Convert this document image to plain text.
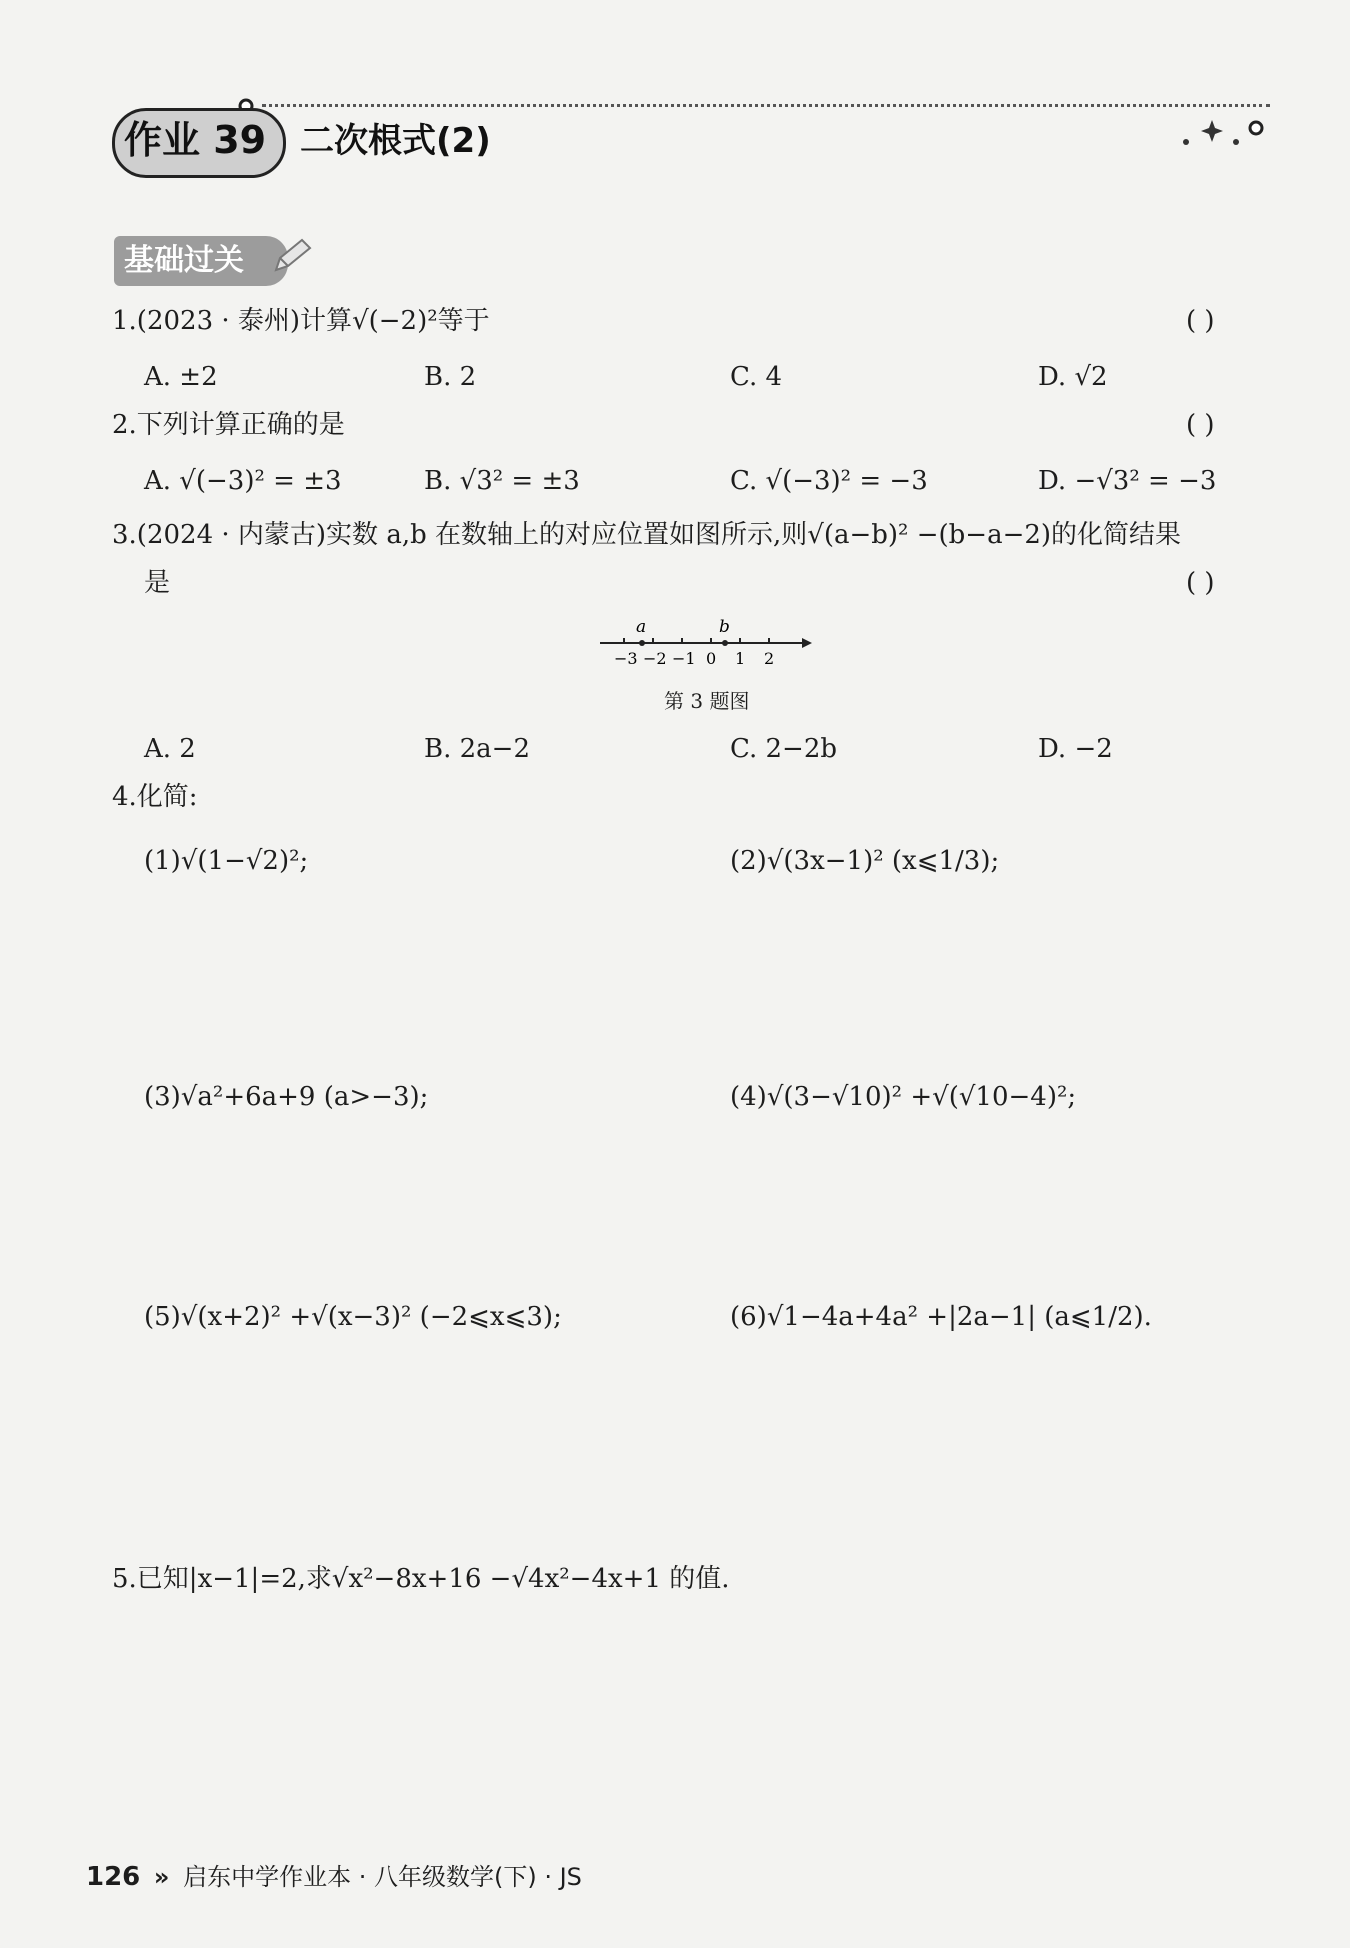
作业 39 二次根式(2)
基础过关
1.(2023 · 泰州)计算√(−2)²等于	( )
A. ±2	B. 2	C. 4	D. √2
2.下列计算正确的是	( )
A. √(−3)² = ±3	B. √3² = ±3	C. √(−3)² = −3	D. −√3² = −3
3.(2024 · 内蒙古)实数 a,b 在数轴上的对应位置如图所示,则√(a−b)² −(b−a−2)的化简结果
是	( )
a	b
−3 −2 −1 0 1 2
第 3 题图
A. 2	B. 2a−2	C. 2−2b	D. −2
4.化简:
(1)√(1−√2)²;	(2)√(3x−1)² (x⩽1/3);
(3)√a²+6a+9 (a>−3);	(4)√(3−√10)² +√(√10−4)²;
(5)√(x+2)² +√(x−3)² (−2⩽x⩽3);	(6)√1−4a+4a² +|2a−1| (a⩽1/2).
5.已知|x−1|=2,求√x²−8x+16 −√4x²−4x+1 的值.
126 » 启东中学作业本 · 八年级数学(下) · JS
